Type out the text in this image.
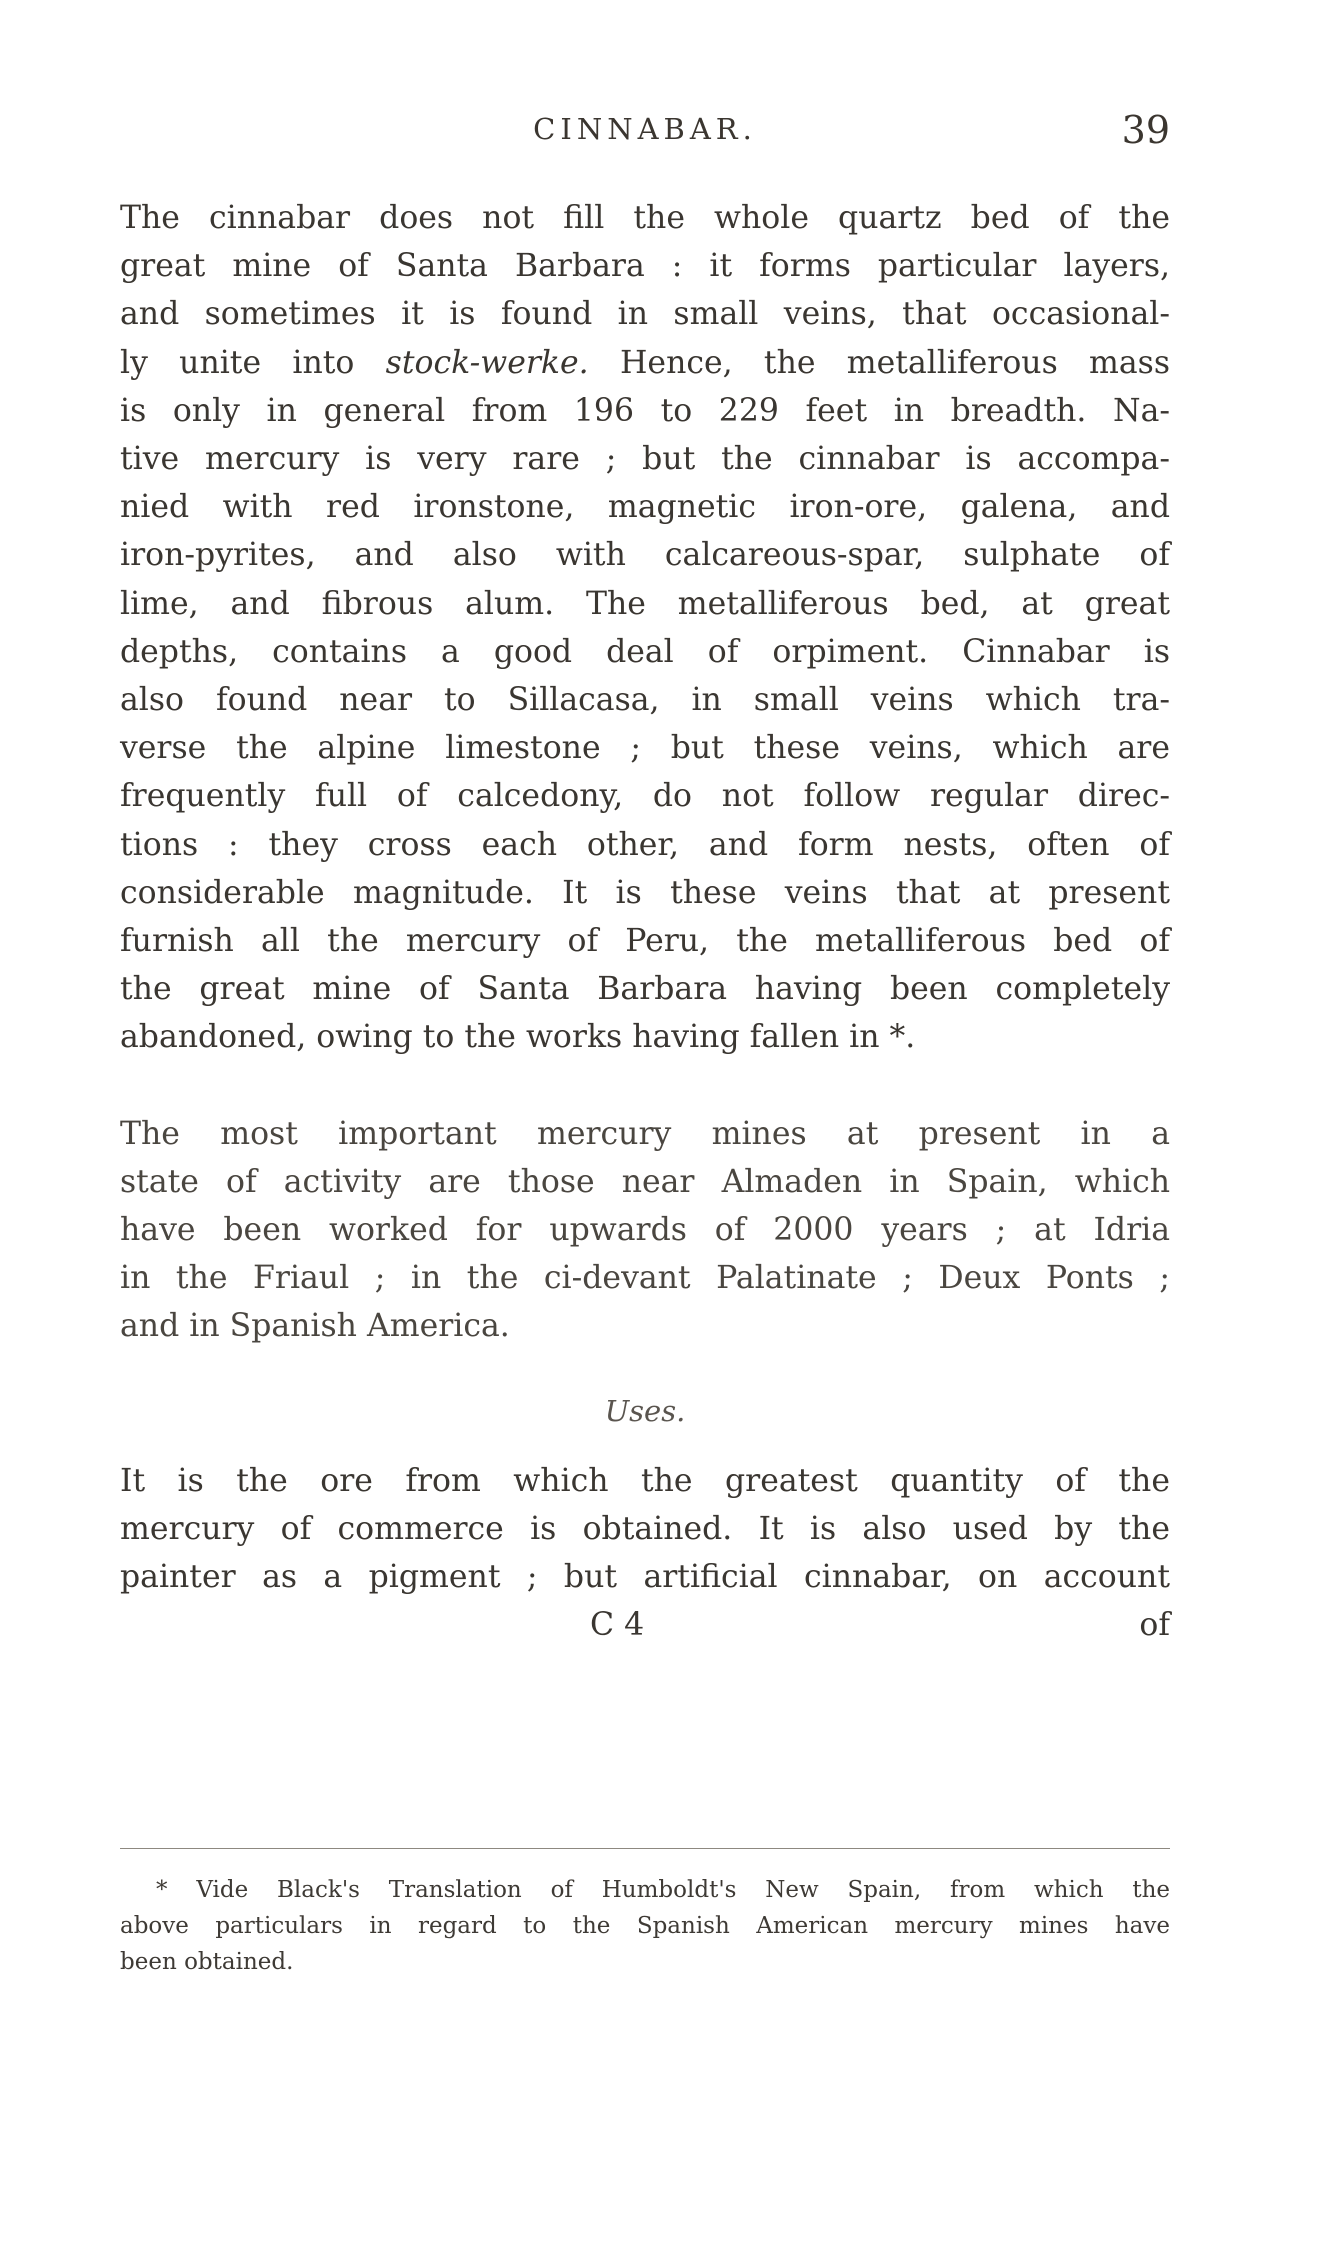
CINNABAR.	39
The cinnabar does not fill the whole quartz bed of the
great mine of Santa Barbara : it forms particular layers,
and sometimes it is found in small veins, that occasional-
ly unite into stock-werke. Hence, the metalliferous mass
is only in general from 196 to 229 feet in breadth. Na-
tive mercury is very rare ; but the cinnabar is accompa-
nied with red ironstone, magnetic iron-ore, galena, and
iron-pyrites, and also with calcareous-spar, sulphate of
lime, and fibrous alum. The metalliferous bed, at great
depths, contains a good deal of orpiment. Cinnabar is
also found near to Sillacasa, in small veins which tra-
verse the alpine limestone ; but these veins, which are
frequently full of calcedony, do not follow regular direc-
tions : they cross each other, and form nests, often of
considerable magnitude. It is these veins that at present
furnish all the mercury of Peru, the metalliferous bed of
the great mine of Santa Barbara having been completely
abandoned, owing to the works having fallen in *.
The most important mercury mines at present in a
state of activity are those near Almaden in Spain, which
have been worked for upwards of 2000 years ; at Idria
in the Friaul ; in the ci-devant Palatinate ; Deux Ponts ;
and in Spanish America.
Uses.
It is the ore from which the greatest quantity of the
mercury of commerce is obtained. It is also used by the
painter as a pigment ; but artificial cinnabar, on account
C 4	of
* Vide Black's Translation of Humboldt's New Spain, from which the
above particulars in regard to the Spanish American mercury mines have
been obtained.
